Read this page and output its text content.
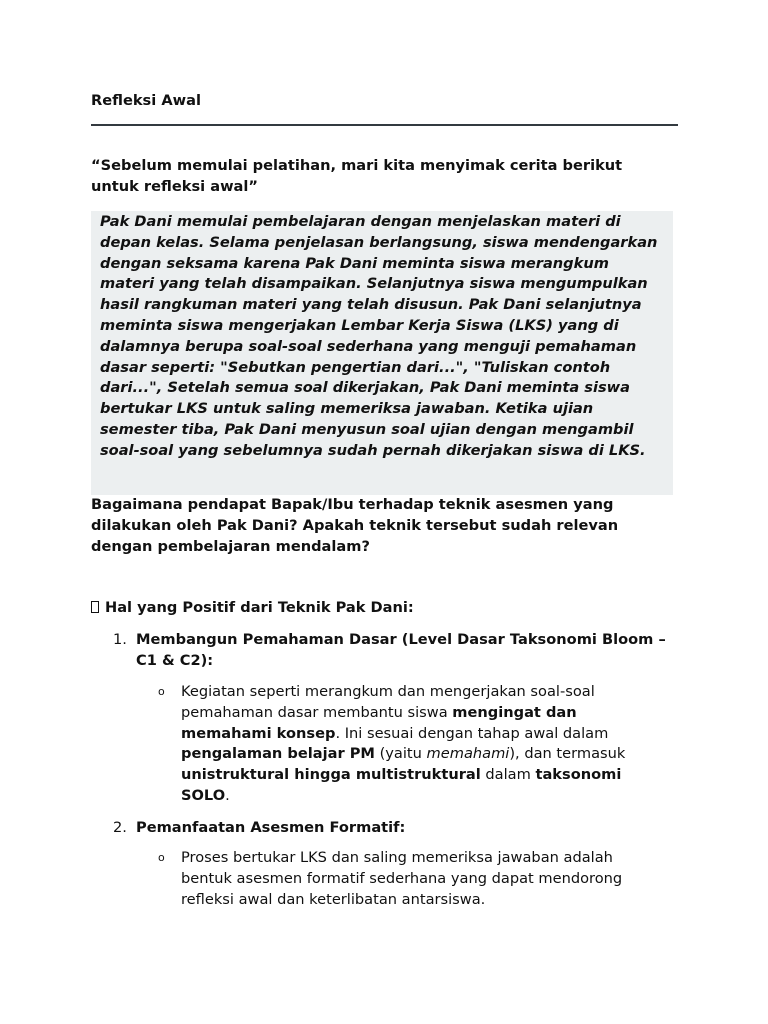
Refleksi Awal
“Sebelum memulai pelatihan, mari kita menyimak cerita berikut untuk refleksi awal”

Pak Dani memulai pembelajaran dengan menjelaskan materi di depan kelas. Selama penjelasan berlangsung, siswa mendengarkan dengan seksama karena Pak Dani meminta siswa merangkum materi yang telah disampaikan. Selanjutnya siswa mengumpulkan hasil rangkuman materi yang telah disusun. Pak Dani selanjutnya meminta siswa mengerjakan Lembar Kerja Siswa (LKS) yang di dalamnya berupa soal-soal sederhana yang menguji pemahaman dasar seperti: "Sebutkan pengertian dari...", "Tuliskan contoh dari...", Setelah semua soal dikerjakan, Pak Dani meminta siswa bertukar LKS untuk saling memeriksa jawaban. Ketika ujian semester tiba, Pak Dani menyusun soal ujian dengan mengambil soal-soal yang sebelumnya sudah pernah dikerjakan siswa di LKS.

Bagaimana pendapat Bapak/Ibu terhadap teknik asesmen yang dilakukan oleh Pak Dani? Apakah teknik tersebut sudah relevan dengan pembelajaran mendalam?
Hal yang Positif dari Teknik Pak Dani:
1. Membangun Pemahaman Dasar (Level Dasar Taksonomi Bloom – C1 & C2):
o Kegiatan seperti merangkum dan mengerjakan soal-soal pemahaman dasar membantu siswa mengingat dan memahami konsep. Ini sesuai dengan tahap awal dalam pengalaman belajar PM (yaitu memahami), dan termasuk unistruktural hingga multistruktural dalam taksonomi SOLO.
2. Pemanfaatan Asesmen Formatif:
o Proses bertukar LKS dan saling memeriksa jawaban adalah bentuk asesmen formatif sederhana yang dapat mendorong refleksi awal dan keterlibatan antarsiswa.
